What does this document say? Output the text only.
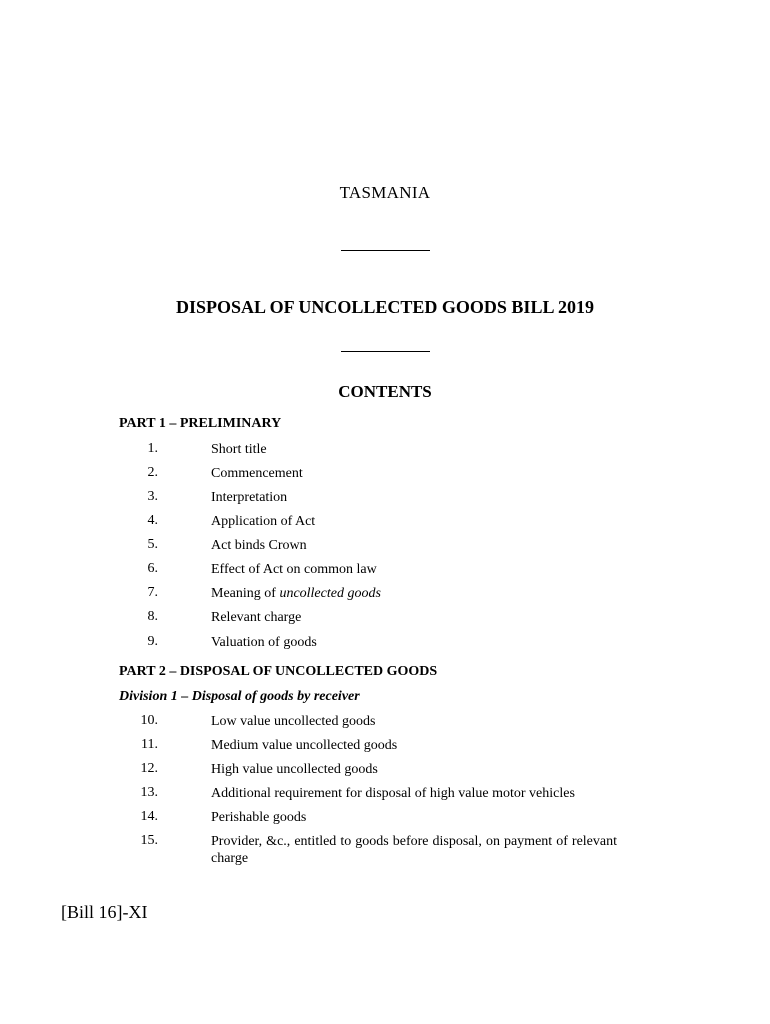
TASMANIA
DISPOSAL OF UNCOLLECTED GOODS BILL 2019
CONTENTS
PART 1 – PRELIMINARY
1.	Short title
2.	Commencement
3.	Interpretation
4.	Application of Act
5.	Act binds Crown
6.	Effect of Act on common law
7.	Meaning of uncollected goods
8.	Relevant charge
9.	Valuation of goods
PART 2 – DISPOSAL OF UNCOLLECTED GOODS
Division 1 – Disposal of goods by receiver
10.	Low value uncollected goods
11.	Medium value uncollected goods
12.	High value uncollected goods
13.	Additional requirement for disposal of high value motor vehicles
14.	Perishable goods
15.	Provider, &c., entitled to goods before disposal, on payment of relevant charge
[Bill 16]-XI
